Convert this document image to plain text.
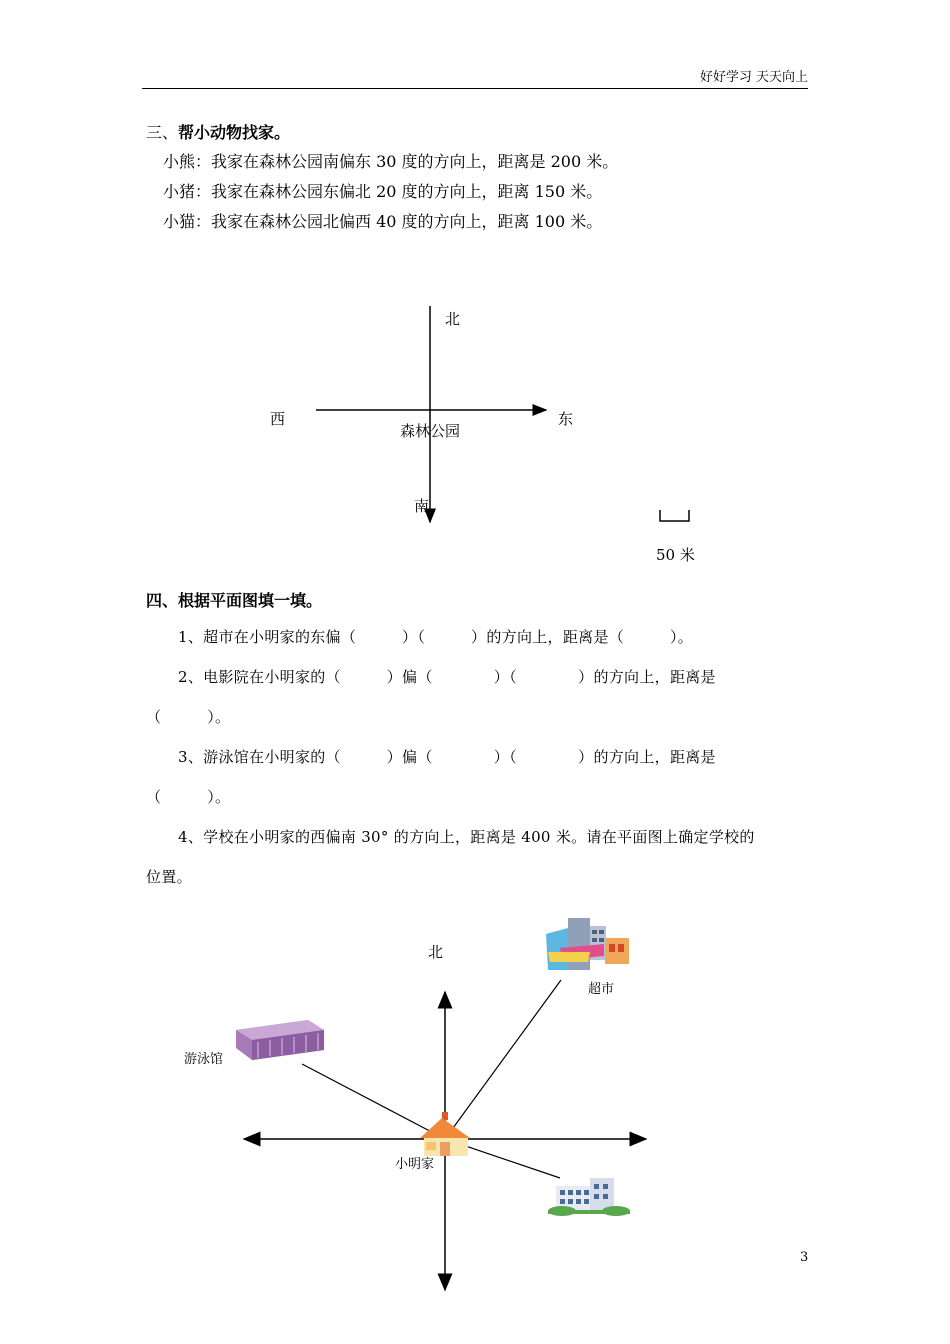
好好学习 天天向上
三、帮小动物找家。
小熊：我家在森林公园南偏东 30 度的方向上，距离是 200 米。
小猪：我家在森林公园东偏北 20 度的方向上，距离 150 米。
小猫：我家在森林公园北偏西 40 度的方向上，距离 100 米。
北
西	东
森林公园
南
50 米
四、根据平面图填一填。
1、超市在小明家的东偏（　　　）（　　　）的方向上，距离是（　　　）。
2、电影院在小明家的（　　　）偏（　　　　）（　　　　）的方向上，距离是
（　　　）。
3、游泳馆在小明家的（　　　）偏（　　　　）（　　　　）的方向上，距离是
（　　　）。
4、学校在小明家的西偏南 30° 的方向上，距离是 400 米。请在平面图上确定学校的
位置。
北
超市
游泳馆
小明家
3
